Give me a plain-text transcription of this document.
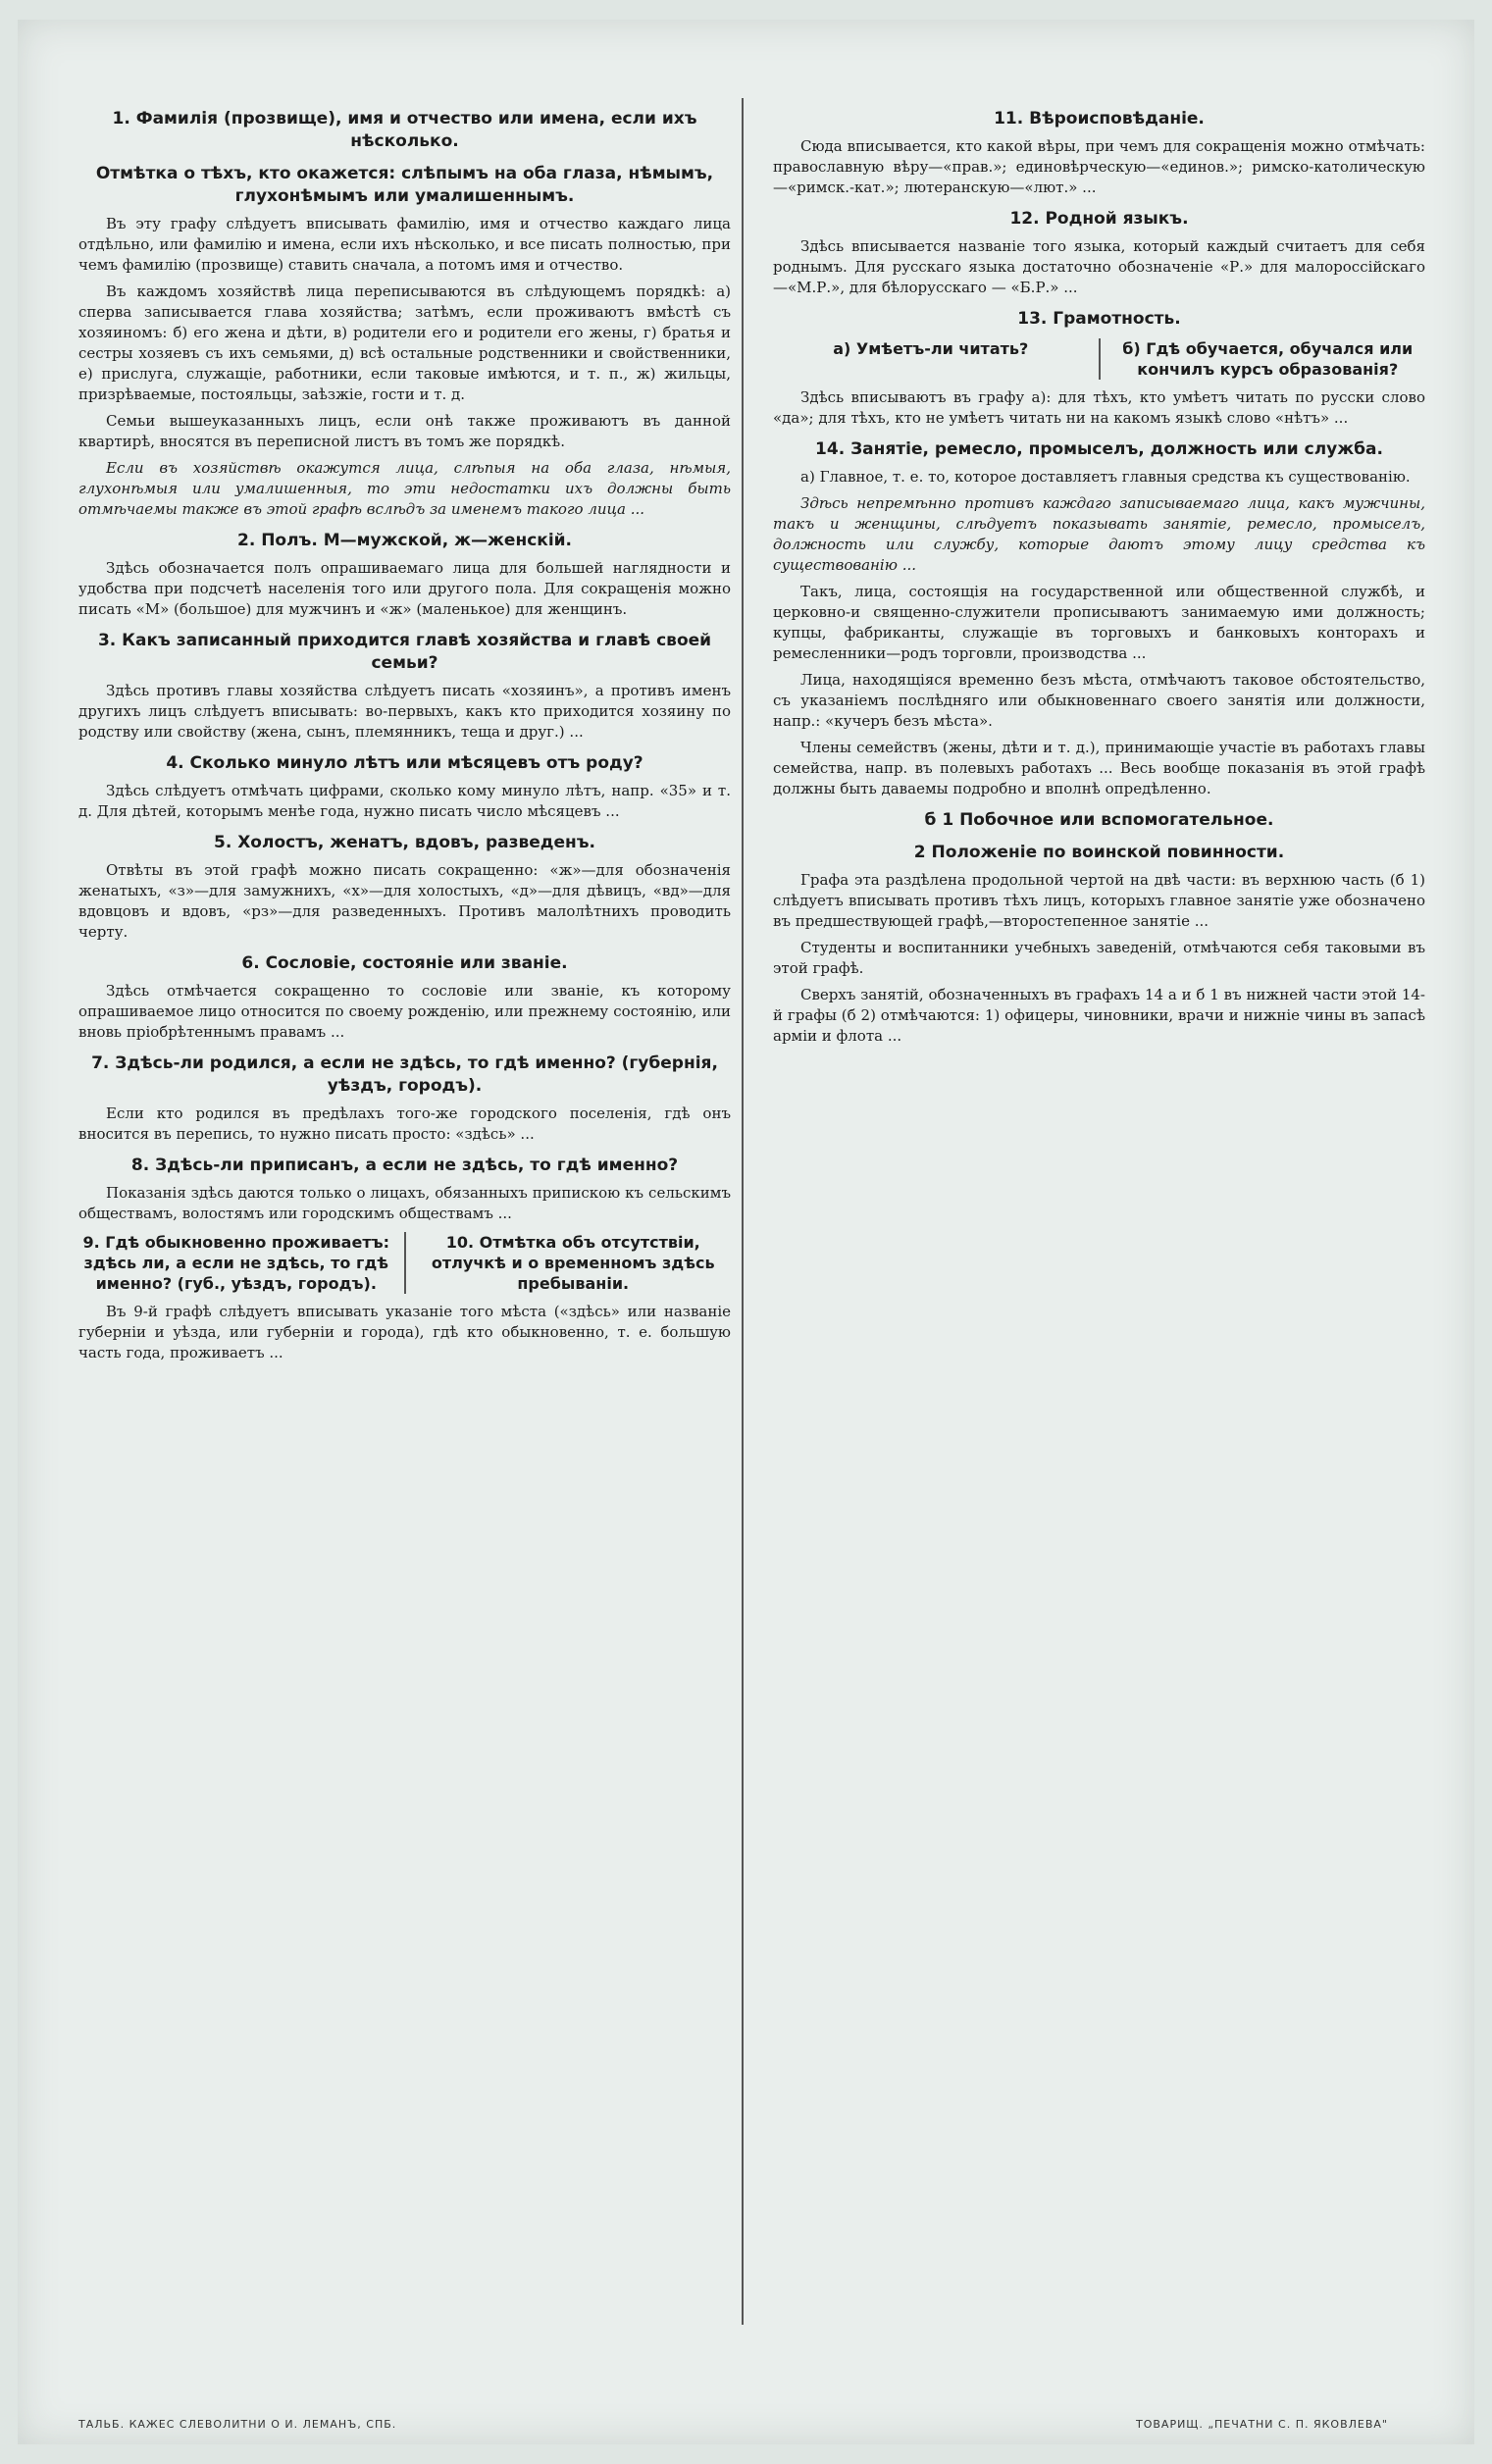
1. Фамилія (прозвище), имя и отчество или имена, если ихъ нѣсколько.
Отмѣтка о тѣхъ, кто окажется: слѣпымъ на оба глаза, нѣмымъ, глухонѣмымъ или умалишеннымъ.

Въ эту графу слѣдуетъ вписывать фамилію, имя и отчество каждаго лица отдѣльно, или фамилію и имена, если ихъ нѣсколько, и все писать полностью, при чемъ фамилію (прозвище) ставить сначала, а потомъ имя и отчество.

Въ каждомъ хозяйствѣ лица переписываются въ слѣдующемъ порядкѣ: а) сперва записывается глава хозяйства; затѣмъ, если проживаютъ вмѣстѣ съ хозяиномъ: б) его жена и дѣти, в) родители его и родители его жены, г) братья и сестры хозяевъ съ ихъ семьями, д) всѣ остальные родственники и свойственники, е) прислуга, служащіе, работники, если таковые имѣются, и т. п., ж) жильцы, призрѣваемые, постояльцы, заѣзжіе, гости и т. д.

Семьи вышеуказанныхъ лицъ, если онѣ также проживаютъ въ данной квартирѣ, вносятся въ переписной листъ въ томъ же порядкѣ.

Если въ хозяйствѣ окажутся лица, слѣпыя на оба глаза, нѣмыя, глухонѣмыя или умалишенныя, то эти недостатки ихъ должны быть отмѣчаемы также въ этой графѣ вслѣдъ за именемъ такого лица ...

2. Полъ. М—мужской, ж—женскій.

Здѣсь обозначается полъ опрашиваемаго лица для большей наглядности и удобства при подсчетѣ населенія того или другого пола. Для сокращенія можно писать «М» (большое) для мужчинъ и «ж» (маленькое) для женщинъ.

3. Какъ записанный приходится главѣ хозяйства и главѣ своей семьи?

Здѣсь противъ главы хозяйства слѣдуетъ писать «хозяинъ», а противъ именъ другихъ лицъ слѣдуетъ вписывать: во-первыхъ, какъ кто приходится хозяину по родству или свойству (жена, сынъ, племянникъ, теща и друг.) ...

4. Сколько минуло лѣтъ или мѣсяцевъ отъ роду?

Здѣсь слѣдуетъ отмѣчать цифрами, сколько кому минуло лѣтъ, напр. «35» и т. д. Для дѣтей, которымъ менѣе года, нужно писать число мѣсяцевъ ...

5. Холостъ, женатъ, вдовъ, разведенъ.

Отвѣты въ этой графѣ можно писать сокращенно: «ж»—для обозначенія женатыхъ, «з»—для замужнихъ, «х»—для холостыхъ, «д»—для дѣвицъ, «вд»—для вдовцовъ и вдовъ, «рз»—для разведенныхъ. Противъ малолѣтнихъ проводить черту.

6. Сословіе, состояніе или званіе.

Здѣсь отмѣчается сокращенно то сословіе или званіе, къ которому опрашиваемое лицо относится по своему рожденію, или прежнему состоянію, или вновь пріобрѣтеннымъ правамъ ...

7. Здѣсь-ли родился, а если не здѣсь, то гдѣ именно? (губернія, уѣздъ, городъ).

Если кто родился въ предѣлахъ того-же городского поселенія, гдѣ онъ вносится въ перепись, то нужно писать просто: «здѣсь» ...

8. Здѣсь-ли приписанъ, а если не здѣсь, то гдѣ именно?

Показанія здѣсь даются только о лицахъ, обязанныхъ припискою къ сельскимъ обществамъ, волостямъ или городскимъ обществамъ ...

9. Гдѣ обыкновенно проживаетъ: здѣсь ли, а если не здѣсь, то гдѣ именно? (губ., уѣздъ, городъ).
10. Отмѣтка объ отсутствіи, отлучкѣ и о временномъ здѣсь пребываніи.

Въ 9-й графѣ слѣдуетъ вписывать указаніе того мѣста («здѣсь» или названіе губерніи и уѣзда, или губерніи и города), гдѣ кто обыкновенно, т. е. большую часть года, проживаетъ ...

11. Вѣроисповѣданіе.

Сюда вписывается, кто какой вѣры, при чемъ для сокращенія можно отмѣчать: православную вѣру—«прав.»; единовѣрческую—«единов.»; римско-католическую—«римск.-кат.»; лютеранскую—«лют.» ...

12. Родной языкъ.

Здѣсь вписывается названіе того языка, который каждый считаетъ для себя роднымъ. Для русскаго языка достаточно обозначеніе «Р.» для малороссійскаго—«М.Р.», для бѣлорусскаго — «Б.Р.» ...

13. Грамотность.
а) Умѣетъ-ли читать?	б) Гдѣ обучается, обучался или кончилъ курсъ образованія?

Здѣсь вписываютъ въ графу а): для тѣхъ, кто умѣетъ читать по русски слово «да»; для тѣхъ, кто не умѣетъ читать ни на какомъ языкѣ слово «нѣтъ» ...

14. Занятіе, ремесло, промыселъ, должность или служба.

а) Главное, т. е. то, которое доставляетъ главныя средства къ существованію.

Здѣсь непремѣнно противъ каждаго записываемаго лица, какъ мужчины, такъ и женщины, слѣдуетъ показывать занятіе, ремесло, промыселъ, должность или службу, которые даютъ этому лицу средства къ существованію ...

Такъ, лица, состоящія на государственной или общественной службѣ, и церковно-и священно-служители прописываютъ занимаемую ими должность; купцы, фабриканты, служащіе въ торговыхъ и банковыхъ конторахъ и ремесленники—родъ торговли, производства ...

Лица, находящіяся временно безъ мѣста, отмѣчаютъ таковое обстоятельство, съ указаніемъ послѣдняго или обыкновеннаго своего занятія или должности, напр.: «кучеръ безъ мѣста».

Члены семействъ (жены, дѣти и т. д.), принимающіе участіе въ работахъ главы семейства, напр. въ полевыхъ работахъ ... Весь вообще показанія въ этой графѣ должны быть даваемы подробно и вполнѣ опредѣленно.

б 1 Побочное или вспомогательное.
2 Положеніе по воинской повинности.

Графа эта раздѣлена продольной чертой на двѣ части: въ верхнюю часть (б 1) слѣдуетъ вписывать противъ тѣхъ лицъ, которыхъ главное занятіе уже обозначено въ предшествующей графѣ,—второстепенное занятіе ...

Студенты и воспитанники учебныхъ заведеній, отмѣчаются себя таковыми въ этой графѣ.

Сверхъ занятій, обозначенныхъ въ графахъ 14 а и б 1 въ нижней части этой 14-й графы (б 2) отмѣчаются: 1) офицеры, чиновники, врачи и нижніе чины въ запасѣ арміи и флота ...

ТАЛЬБ. КАЖЕС СЛЕВОЛИТНИ О И. ЛЕМАНЪ, СПБ.	ТОВАРИЩ. „ПЕЧАТНИ С. П. ЯКОВЛЕВА"
